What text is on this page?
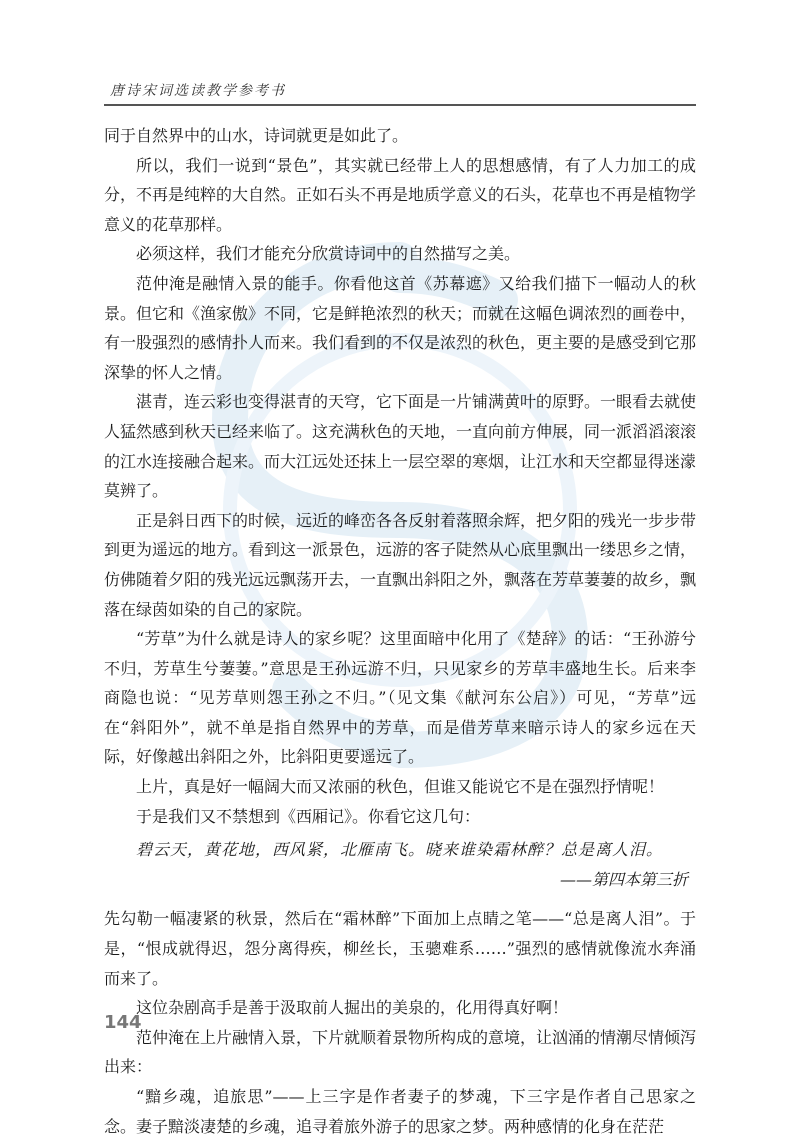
唐诗宋词选读教学参考书

同于自然界中的山水，诗词就更是如此了。

所以，我们一说到“景色”，其实就已经带上人的思想感情，有了人力加工的成分，不再是纯粹的大自然。正如石头不再是地质学意义的石头，花草也不再是植物学意义的花草那样。

必须这样，我们才能充分欣赏诗词中的自然描写之美。

范仲淹是融情入景的能手。你看他这首《苏幕遮》又给我们描下一幅动人的秋景。但它和《渔家傲》不同，它是鲜艳浓烈的秋天；而就在这幅色调浓烈的画卷中，有一股强烈的感情扑人而来。我们看到的不仅是浓烈的秋色，更主要的是感受到它那深挚的怀人之情。

湛青，连云彩也变得湛青的天穹，它下面是一片铺满黄叶的原野。一眼看去就使人猛然感到秋天已经来临了。这充满秋色的天地，一直向前方伸展，同一派滔滔滚滚的江水连接融合起来。而大江远处还抹上一层空翠的寒烟，让江水和天空都显得迷濛莫辨了。

正是斜日西下的时候，远近的峰峦各各反射着落照余辉，把夕阳的残光一步步带到更为遥远的地方。看到这一派景色，远游的客子陡然从心底里飘出一缕思乡之情，仿佛随着夕阳的残光远远飘荡开去，一直飘出斜阳之外，飘落在芳草萋萋的故乡，飘落在绿茵如染的自己的家院。

“芳草”为什么就是诗人的家乡呢？这里面暗中化用了《楚辞》的话：“王孙游兮不归，芳草生兮萋萋。”意思是王孙远游不归，只见家乡的芳草丰盛地生长。后来李商隐也说：“见芳草则怨王孙之不归。”（见文集《献河东公启》）可见，“芳草”远在“斜阳外”，就不单是指自然界中的芳草，而是借芳草来暗示诗人的家乡远在天际，好像越出斜阳之外，比斜阳更要遥远了。

上片，真是好一幅阔大而又浓丽的秋色，但谁又能说它不是在强烈抒情呢！

于是我们又不禁想到《西厢记》。你看它这几句：

碧云天，黄花地，西风紧，北雁南飞。晓来谁染霜林醉？总是离人泪。
——第四本第三折

先勾勒一幅凄紧的秋景，然后在“霜林醉”下面加上点睛之笔——“总是离人泪”。于是，“恨成就得迟，怨分离得疾，柳丝长，玉骢难系……”强烈的感情就像流水奔涌而来了。

这位杂剧高手是善于汲取前人掘出的美泉的，化用得真好啊！

范仲淹在上片融情入景，下片就顺着景物所构成的意境，让汹涌的情潮尽情倾泻出来：

“黯乡魂，追旅思”——上三字是作者妻子的梦魂，下三字是作者自己思家之念。妻子黯淡凄楚的乡魂，追寻着旅外游子的思家之梦。两种感情的化身在茫茫

144
